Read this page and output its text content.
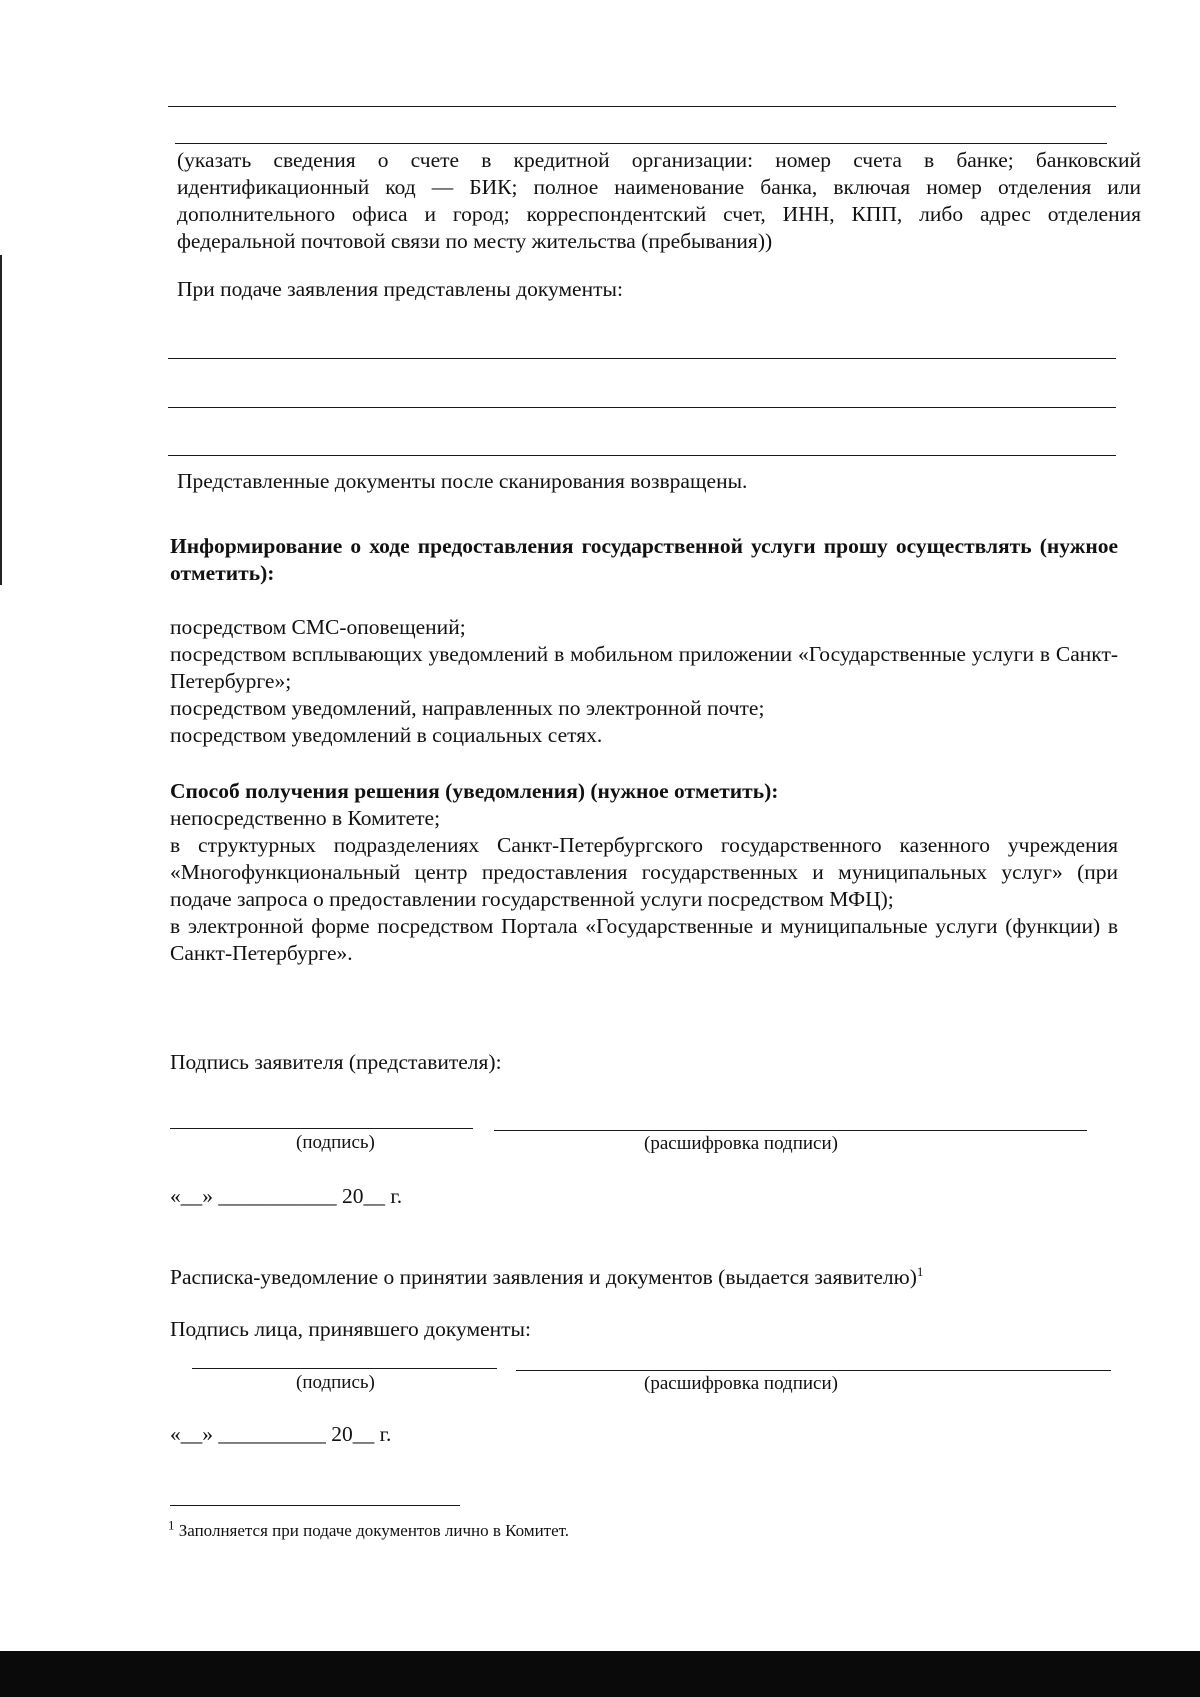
(указать сведения о счете в кредитной организации: номер счета в банке; банковский идентификационный код –– БИК; полное наименование банка, включая номер отделения или дополнительного офиса и город; корреспондентский счет, ИНН, КПП, либо адрес отделения федеральной почтовой связи по месту жительства (пребывания))
При подаче заявления представлены документы:
Представленные документы после сканирования возвращены.
Информирование о ходе предоставления государственной услуги прошу осуществлять (нужное отметить):
посредством СМС-оповещений;
посредством всплывающих уведомлений в мобильном приложении «Государственные услуги в Санкт-Петербурге»;
посредством уведомлений, направленных по электронной почте;
посредством уведомлений в социальных сетях.
Способ получения решения (уведомления) (нужное отметить):
непосредственно в Комитете;
в структурных подразделениях Санкт-Петербургского государственного казенного учреждения «Многофункциональный центр предоставления государственных и муниципальных услуг» (при подаче запроса о предоставлении государственной услуги посредством МФЦ);
в электронной форме посредством Портала «Государственные и муниципальные услуги (функции) в Санкт-Петербурге».
Подпись заявителя (представителя):
(подпись)	(расшифровка подписи)
«__» ___________ 20__ г.
Расписка-уведомление о принятии заявления и документов (выдается заявителю)$^1$
Подпись лица, принявшего документы:
(подпись)	(расшифровка подписи)
«__» __________ 20__ г.
$^1$ Заполняется при подаче документов лично в Комитет.
